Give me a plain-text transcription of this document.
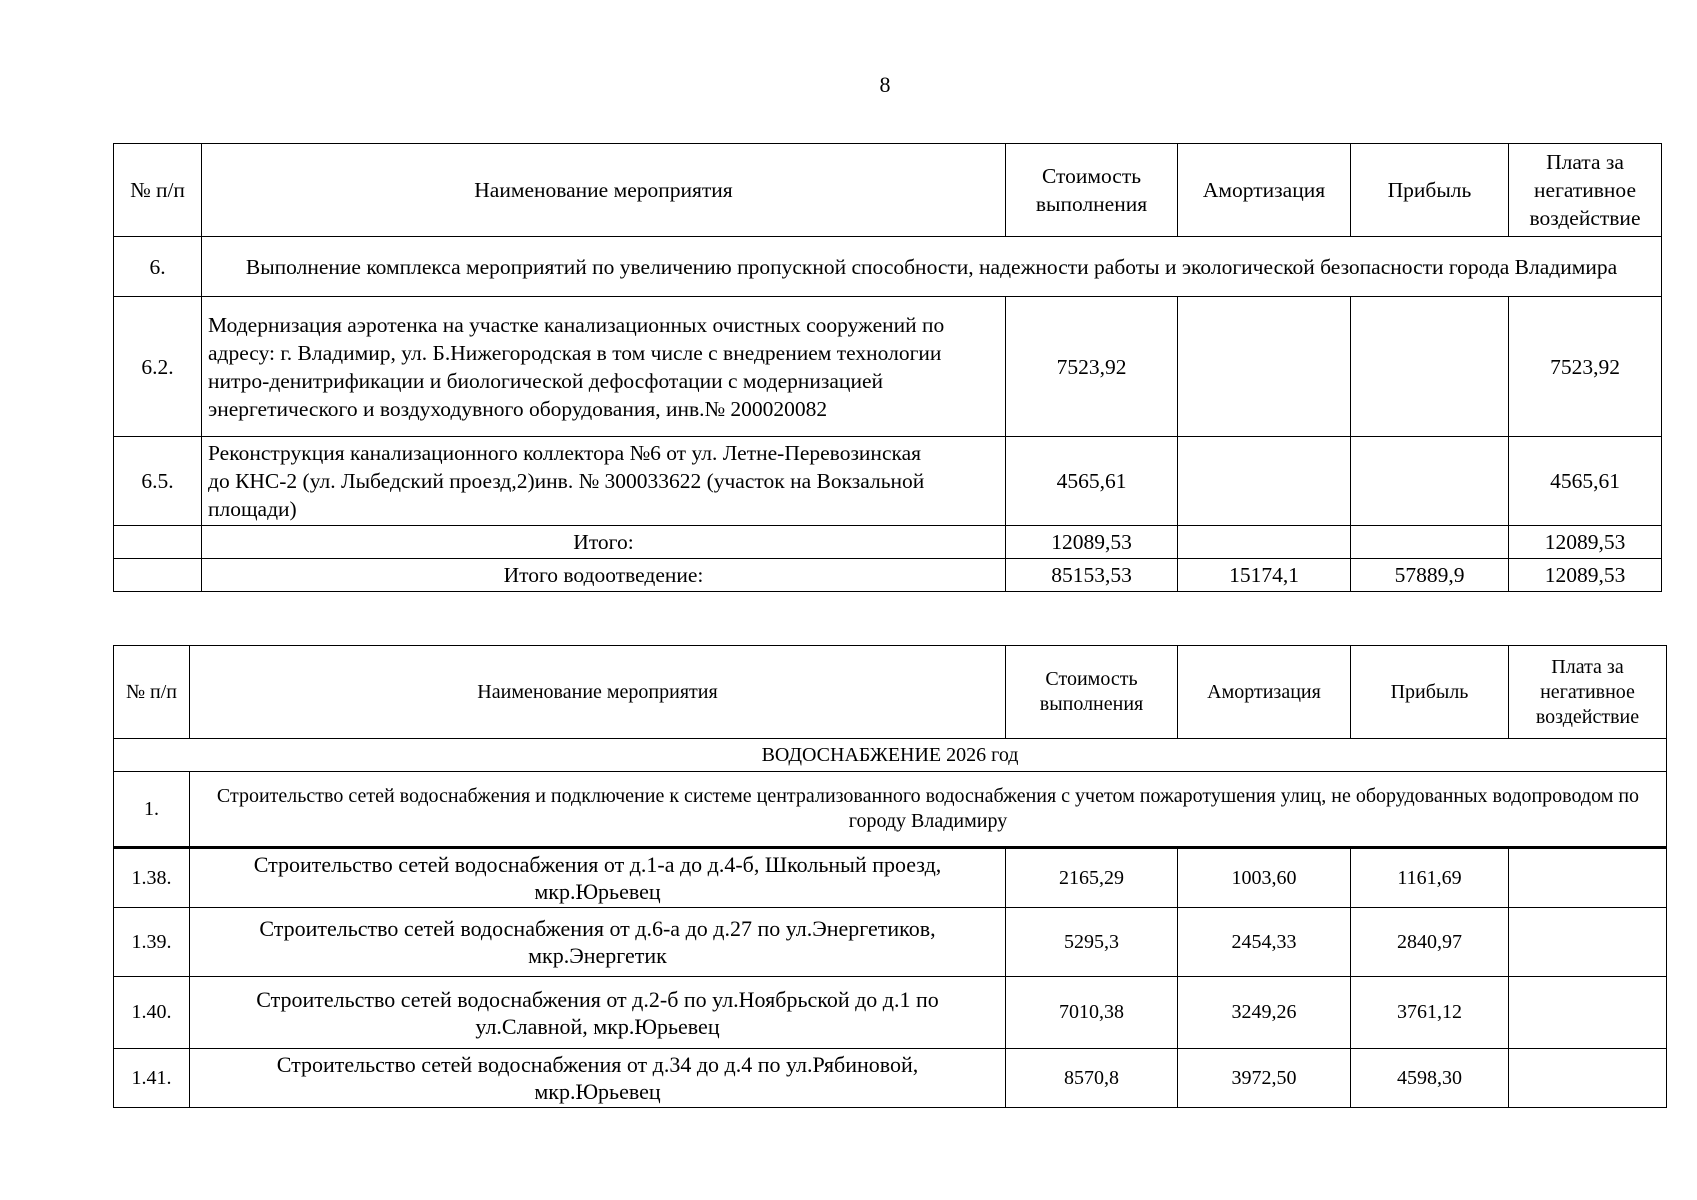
8
№ п/п	Наименование мероприятия	Стоимость выполнения	Амортизация	Прибыль	Плата за негативное воздействие
6.	Выполнение комплекса мероприятий по увеличению пропускной способности, надежности работы и экологической безопасности города Владимира				
6.2.	Модернизация аэротенка на участке канализационных очистных сооружений по адресу: г. Владимир, ул. Б.Нижегородская в том числе с внедрением технологии нитро-денитрификации и биологической дефосфотации с модернизацией энергетического и воздуходувного оборудования, инв.№ 200020082	7523,92			7523,92
6.5.	Реконструкция канализационного коллектора №6 от ул. Летне-Перевозинская до КНС-2 (ул. Лыбедский проезд,2)инв. № 300033622 (участок на Вокзальной площади)	4565,61			4565,61
	Итого:	12089,53			12089,53
	Итого водоотведение:	85153,53	15174,1	57889,9	12089,53
№ п/п	Наименование мероприятия	Стоимость выполнения	Амортизация	Прибыль	Плата за негативное воздействие
ВОДОСНАБЖЕНИЕ 2026 год					
1.	Строительство сетей водоснабжения и подключение к системе централизованного водоснабжения с учетом пожаротушения улиц, не оборудованных водопроводом по городу Владимиру				
1.38.	Строительство сетей водоснабжения от д.1-а до д.4-б, Школьный проезд, мкр.Юрьевец	2165,29	1003,60	1161,69	
1.39.	Строительство сетей водоснабжения от д.6-а до д.27 по ул.Энергетиков, мкр.Энергетик	5295,3	2454,33	2840,97	
1.40.	Строительство сетей водоснабжения от д.2-б по ул.Ноябрьской до д.1 по ул.Славной, мкр.Юрьевец	7010,38	3249,26	3761,12	
1.41.	Строительство сетей водоснабжения от д.34 до д.4 по ул.Рябиновой, мкр.Юрьевец	8570,8	3972,50	4598,30	
